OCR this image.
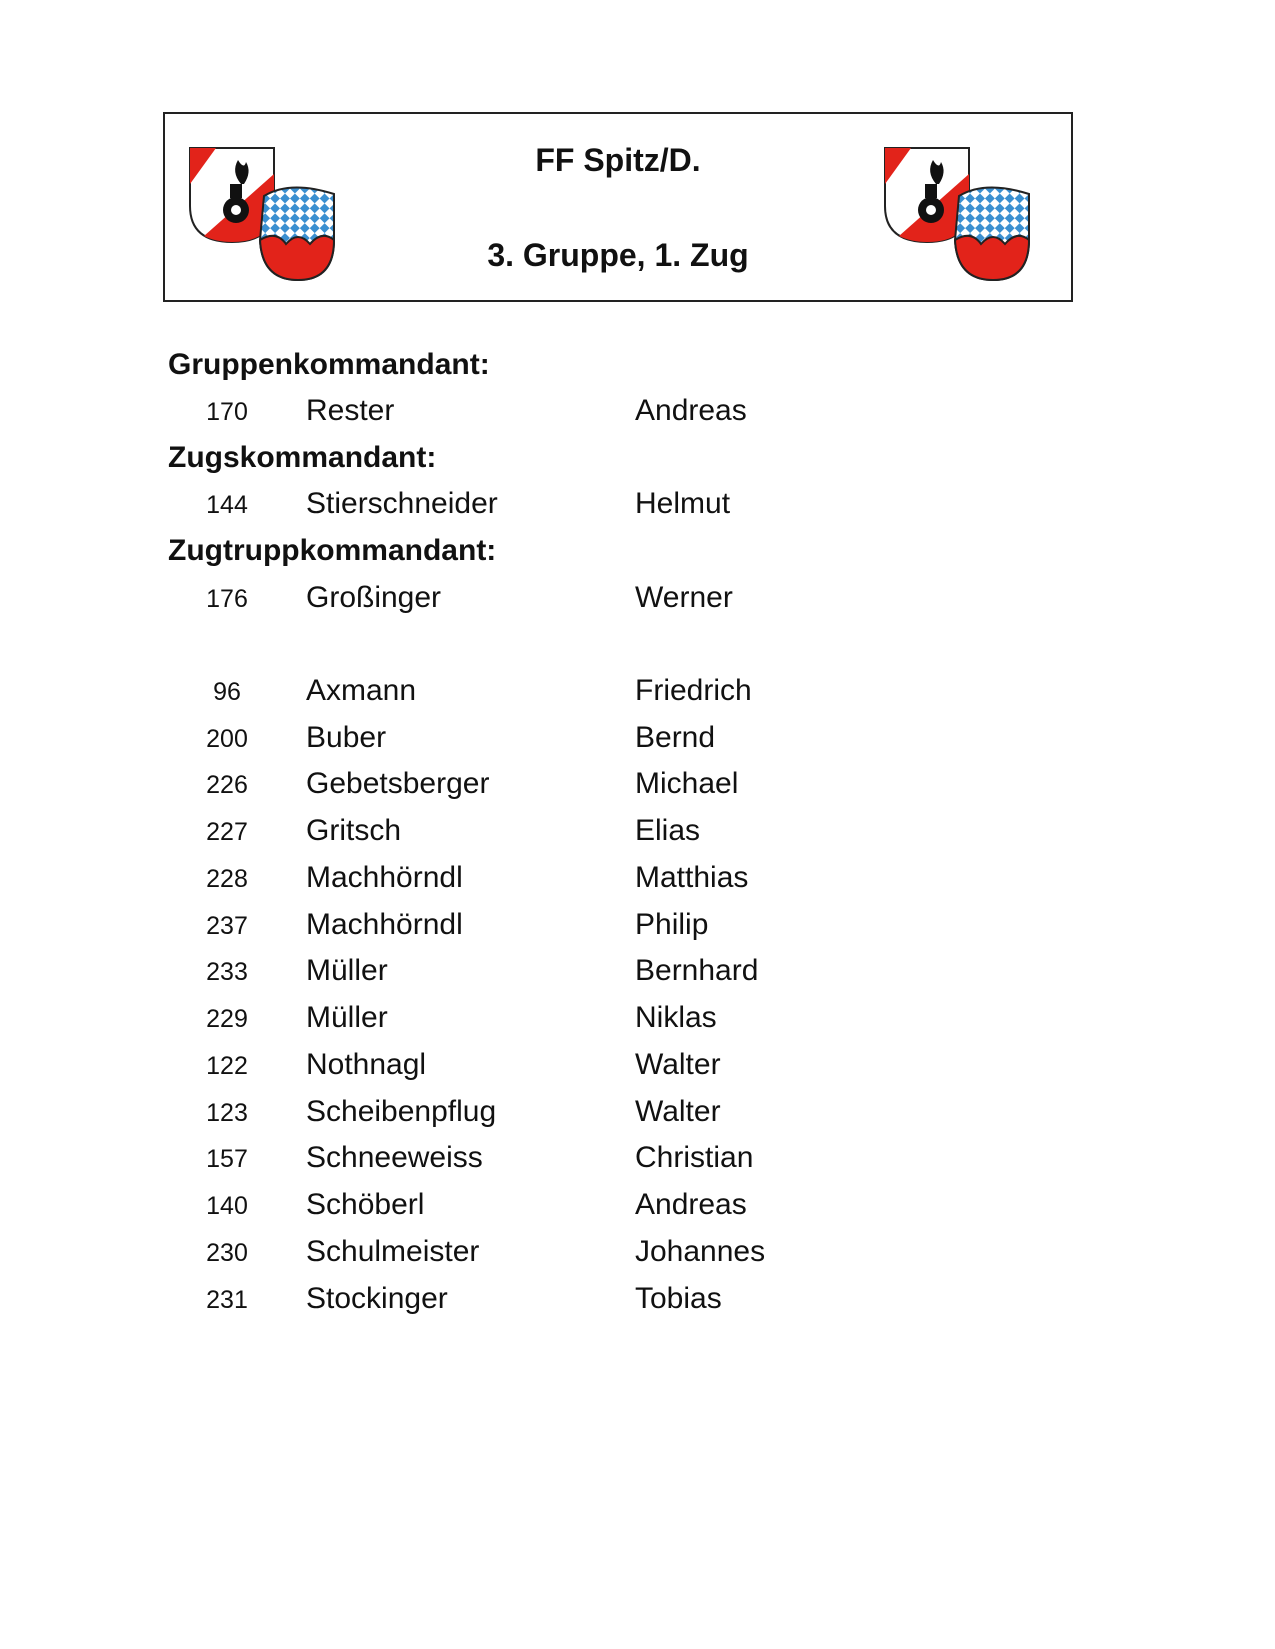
FF Spitz/D.
3. Gruppe, 1. Zug
Gruppenkommandant:
170 Rester	Andreas
Zugskommandant:
144 Stierschneider	Helmut
Zugtruppkommandant:
176 Großinger	Werner
96	Axmann	Friedrich
200 Buber	Bernd
226 Gebetsberger	Michael
227 Gritsch	Elias
228 Machhörndl	Matthias
237 Machhörndl	Philip
233 Müller	Bernhard
229 Müller	Niklas
122 Nothnagl	Walter
123 Scheibenpflug	Walter
157 Schneeweiss	Christian
140 Schöberl	Andreas
230 Schulmeister	Johannes
231 Stockinger	Tobias
